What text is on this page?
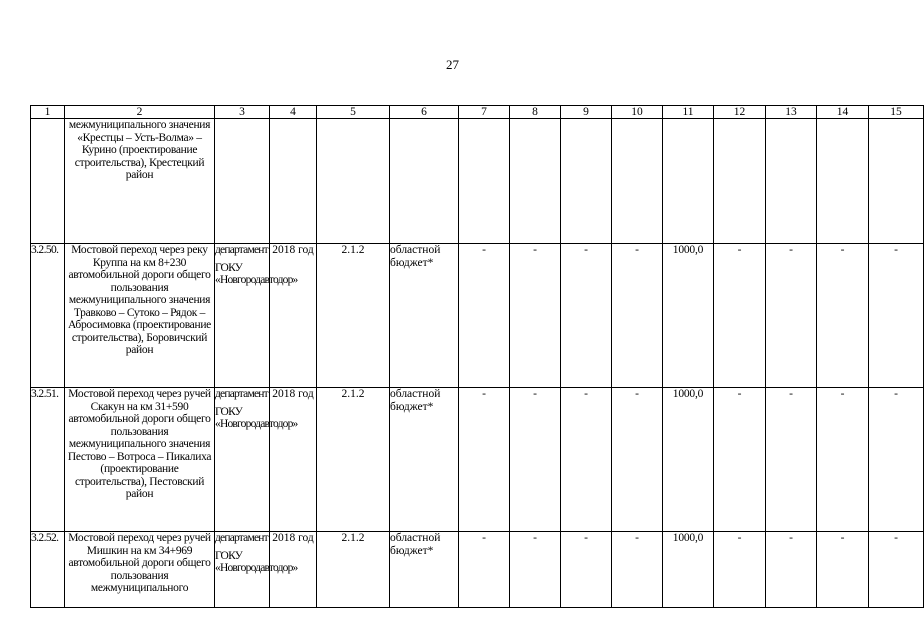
27
1	2	3	4	5	6	7	8	9	10	11	12	13	14	15
	межмуниципального значения «Крестцы – Усть-Волма» – Курино (проектирование строительства), Крестецкий район													
3.2.50.	Мостовой переход через реку Круппа на км 8+230 автомобильной дороги общего пользования межмуниципального значения Травково – Сутоко – Рядок – Абросимовка (проектирование строительства), Боровичский район	департамент
ГОКУ «Новгородавтодор»	2018 год	2.1.2	областной бюджет*	-	-	-	-	1000,0	-	-	-	-
3.2.51.	Мостовой переход через ручей Скакун на км 31+590 автомобильной дороги общего пользования межмуниципального значения Пестово – Вотроса – Пикалиха (проектирование строительства), Пестовский район	департамент
ГОКУ «Новгородавтодор»	2018 год	2.1.2	областной бюджет*	-	-	-	-	1000,0	-	-	-	-
3.2.52.	Мостовой переход через ручей Мишкин на км 34+969 автомобильной дороги общего пользования межмуниципального	департамент
ГОКУ «Новгородавтодор»	2018 год	2.1.2	областной бюджет*	-	-	-	-	1000,0	-	-	-	-
